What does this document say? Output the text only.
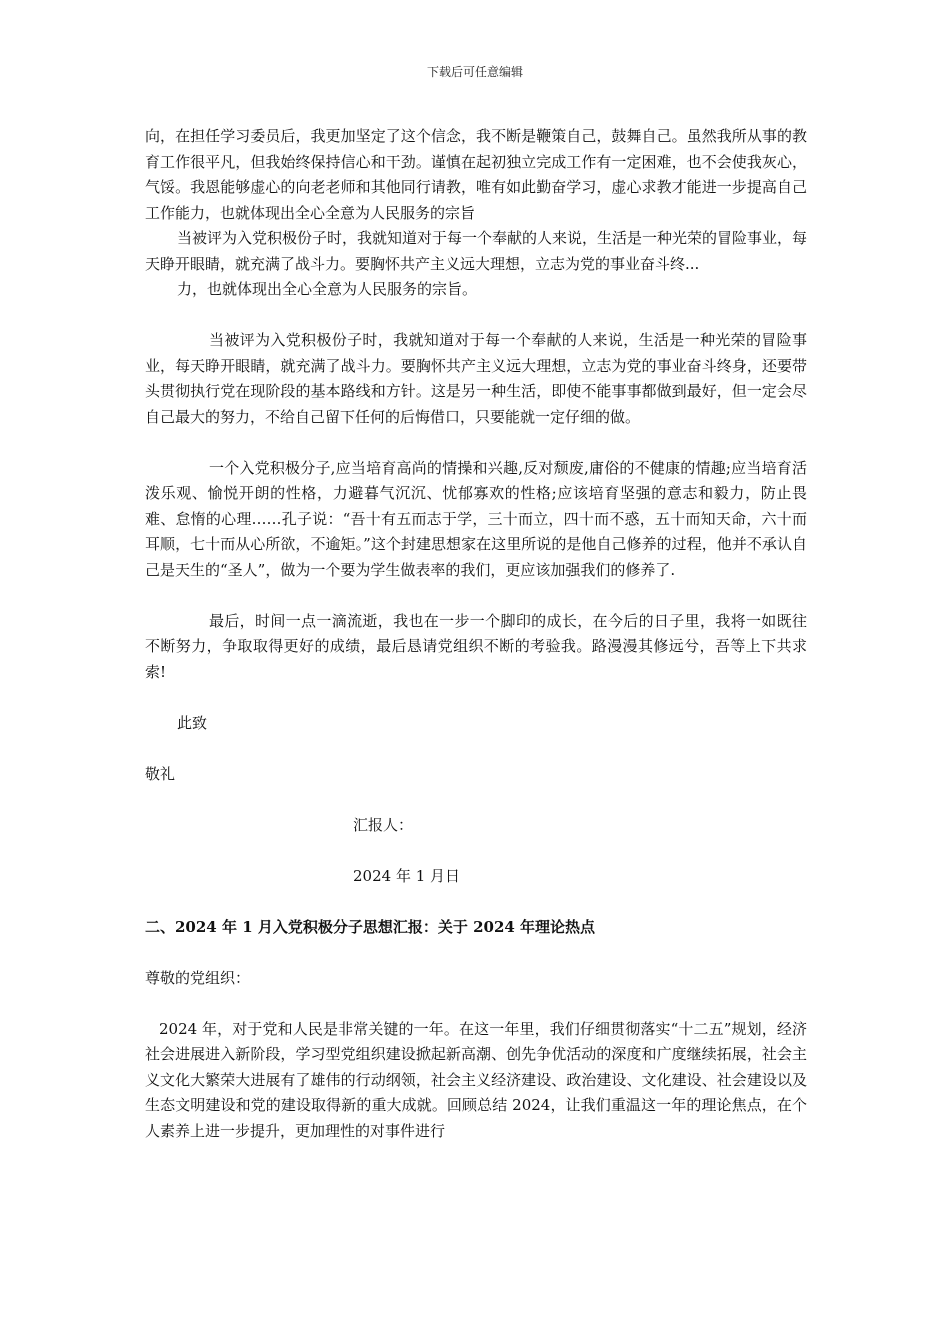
下载后可任意编辑

向，在担任学习委员后，我更加坚定了这个信念，我不断是鞭策自己，鼓舞自己。虽然我所从事的教育工作很平凡，但我始终保持信心和干劲。谨慎在起初独立完成工作有一定困难，也不会使我灰心，气馁。我恩能够虚心的向老老师和其他同行请教，唯有如此勤奋学习，虚心求教才能进一步提高自己工作能力，也就体现出全心全意为人民服务的宗旨

当被评为入党积极份子时，我就知道对于每一个奉献的人来说，生活是一种光荣的冒险事业，每天睁开眼睛，就充满了战斗力。要胸怀共产主义远大理想，立志为党的事业奋斗终...

力，也就体现出全心全意为人民服务的宗旨。

当被评为入党积极份子时，我就知道对于每一个奉献的人来说，生活是一种光荣的冒险事业，每天睁开眼睛，就充满了战斗力。要胸怀共产主义远大理想，立志为党的事业奋斗终身，还要带头贯彻执行党在现阶段的基本路线和方针。这是另一种生活，即使不能事事都做到最好，但一定会尽自己最大的努力，不给自己留下任何的后悔借口，只要能就一定仔细的做。

一个入党积极分子,应当培育高尚的情操和兴趣,反对颓废,庸俗的不健康的情趣;应当培育活泼乐观、愉悦开朗的性格，力避暮气沉沉、忧郁寡欢的性格;应该培育坚强的意志和毅力，防止畏难、怠惰的心理……孔子说：“吾十有五而志于学，三十而立，四十而不惑，五十而知天命，六十而耳顺，七十而从心所欲，不逾矩。”这个封建思想家在这里所说的是他自己修养的过程，他并不承认自己是天生的“圣人”，做为一个要为学生做表率的我们，更应该加强我们的修养了.

最后，时间一点一滴流逝，我也在一步一个脚印的成长，在今后的日子里，我将一如既往不断努力，争取取得更好的成绩，最后恳请党组织不断的考验我。路漫漫其修远兮，吾等上下共求索!

此致

敬礼

汇报人：

2024 年 1 月日

二、2024 年 1 月入党积极分子思想汇报：关于 2024 年理论热点

尊敬的党组织：

2024 年，对于党和人民是非常关键的一年。在这一年里，我们仔细贯彻落实“十二五”规划，经济社会进展进入新阶段，学习型党组织建设掀起新高潮、创先争优活动的深度和广度继续拓展，社会主义文化大繁荣大进展有了雄伟的行动纲领，社会主义经济建设、政治建设、文化建设、社会建设以及生态文明建设和党的建设取得新的重大成就。回顾总结 2024，让我们重温这一年的理论焦点，在个人素养上进一步提升，更加理性的对事件进行
